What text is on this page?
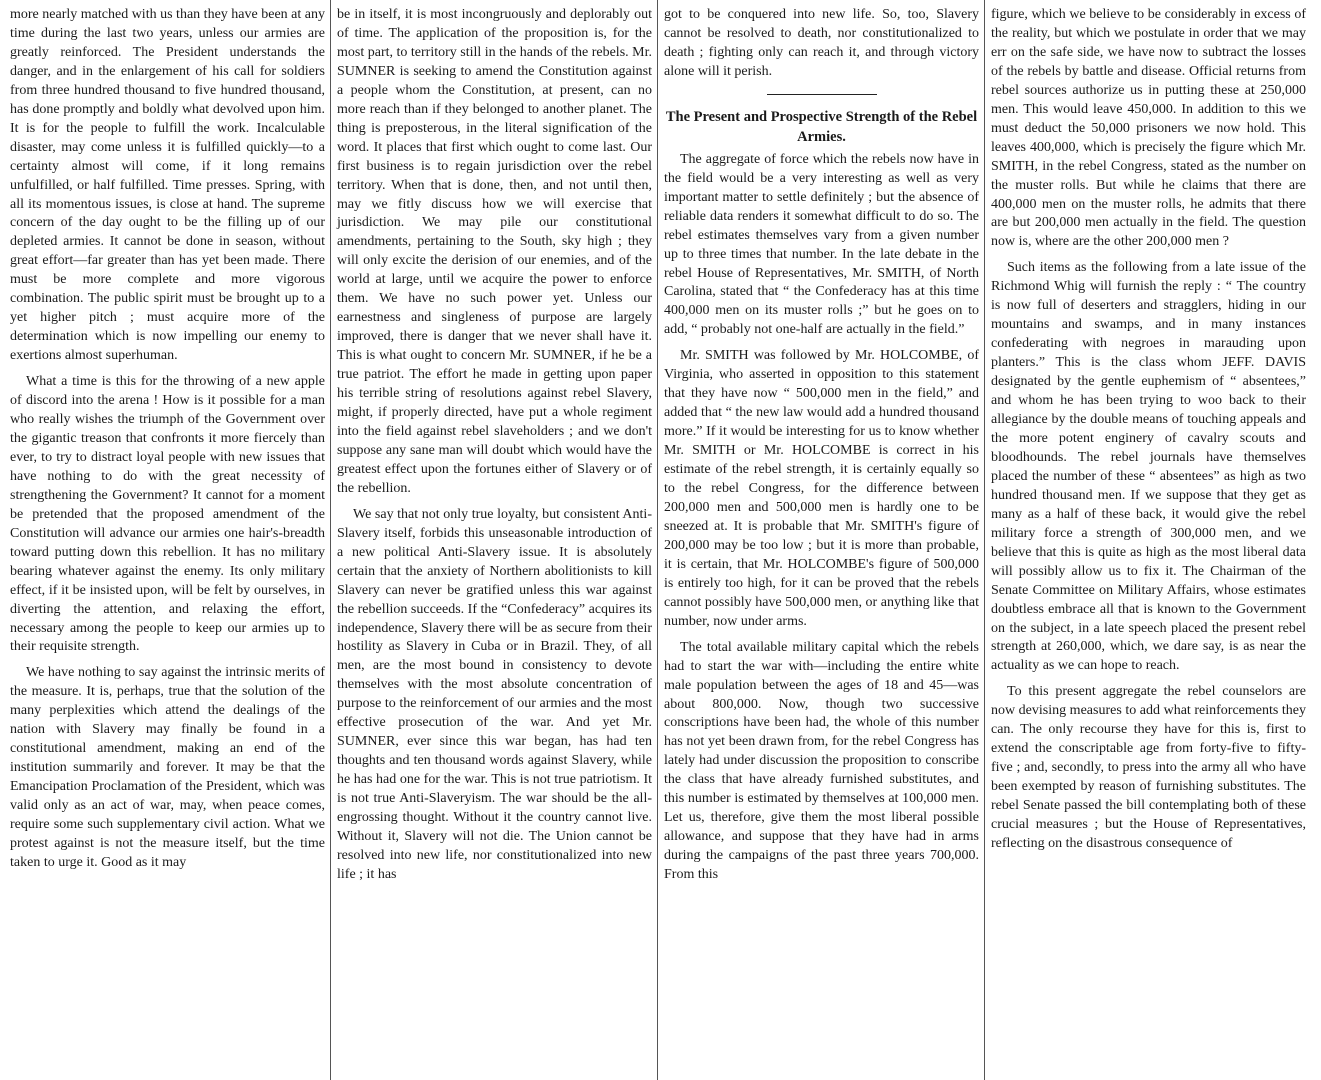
more nearly matched with us than they have been at any time during the last two years, unless our armies are greatly reinforced. The President understands the danger, and in the enlargement of his call for soldiers from three hundred thousand to five hundred thousand, has done promptly and boldly what devolved upon him. It is for the people to fulfill the work. Incalculable disaster, may come unless it is fulfilled quickly—to a certainty almost will come, if it long remains unfulfilled, or half fulfilled. Time presses. Spring, with all its momentous issues, is close at hand. The supreme concern of the day ought to be the filling up of our depleted armies. It cannot be done in season, without great effort—far greater than has yet been made. There must be more complete and more vigorous combination. The public spirit must be brought up to a yet higher pitch ; must acquire more of the determination which is now impelling our enemy to exertions almost superhuman.

What a time is this for the throwing of a new apple of discord into the arena ! How is it possible for a man who really wishes the triumph of the Government over the gigantic treason that confronts it more fiercely than ever, to try to distract loyal people with new issues that have nothing to do with the great necessity of strengthening the Government? It cannot for a moment be pretended that the proposed amendment of the Constitution will advance our armies one hair's-breadth toward putting down this rebellion. It has no military bearing whatever against the enemy. Its only military effect, if it be insisted upon, will be felt by ourselves, in diverting the attention, and relaxing the effort, necessary among the people to keep our armies up to their requisite strength.

We have nothing to say against the intrinsic merits of the measure. It is, perhaps, true that the solution of the many perplexities which attend the dealings of the nation with Slavery may finally be found in a constitutional amendment, making an end of the institution summarily and forever. It may be that the Emancipation Proclamation of the President, which was valid only as an act of war, may, when peace comes, require some such supplementary civil action. What we protest against is not the measure itself, but the time taken to urge it. Good as it may

be in itself, it is most incongruously and deplorably out of time. The application of the proposition is, for the most part, to territory still in the hands of the rebels. Mr. SUMNER is seeking to amend the Constitution against a people whom the Constitution, at present, can no more reach than if they belonged to another planet. The thing is preposterous, in the literal signification of the word. It places that first which ought to come last. Our first business is to regain jurisdiction over the rebel territory. When that is done, then, and not until then, may we fitly discuss how we will exercise that jurisdiction. We may pile our constitutional amendments, pertaining to the South, sky high ; they will only excite the derision of our enemies, and of the world at large, until we acquire the power to enforce them. We have no such power yet. Unless our earnestness and singleness of purpose are largely improved, there is danger that we never shall have it. This is what ought to concern Mr. SUMNER, if he be a true patriot. The effort he made in getting upon paper his terrible string of resolutions against rebel Slavery, might, if properly directed, have put a whole regiment into the field against rebel slaveholders ; and we don't suppose any sane man will doubt which would have the greatest effect upon the fortunes either of Slavery or of the rebellion.

We say that not only true loyalty, but consistent Anti-Slavery itself, forbids this unseasonable introduction of a new political Anti-Slavery issue. It is absolutely certain that the anxiety of Northern abolitionists to kill Slavery can never be gratified unless this war against the rebellion succeeds. If the “Confederacy” acquires its independence, Slavery there will be as secure from their hostility as Slavery in Cuba or in Brazil. They, of all men, are the most bound in consistency to devote themselves with the most absolute concentration of purpose to the reinforcement of our armies and the most effective prosecution of the war. And yet Mr. SUMNER, ever since this war began, has had ten thoughts and ten thousand words against Slavery, while he has had one for the war. This is not true patriotism. It is not true Anti-Slaveryism. The war should be the all-engrossing thought. Without it the country cannot live. Without it, Slavery will not die. The Union cannot be resolved into new life, nor constitutionalized into new life ; it has

got to be conquered into new life. So, too, Slavery cannot be resolved to death, nor constitutionalized to death ; fighting only can reach it, and through victory alone will it perish.

The Present and Prospective Strength of the Rebel Armies.

The aggregate of force which the rebels now have in the field would be a very interesting as well as very important matter to settle definitely ; but the absence of reliable data renders it somewhat difficult to do so. The rebel estimates themselves vary from a given number up to three times that number. In the late debate in the rebel House of Representatives, Mr. SMITH, of North Carolina, stated that “ the Confederacy has at this time 400,000 men on its muster rolls ;” but he goes on to add, “ probably not one-half are actually in the field.”

Mr. SMITH was followed by Mr. HOLCOMBE, of Virginia, who asserted in opposition to this statement that they have now “ 500,000 men in the field,” and added that “ the new law would add a hundred thousand more.” If it would be interesting for us to know whether Mr. SMITH or Mr. HOLCOMBE is correct in his estimate of the rebel strength, it is certainly equally so to the rebel Congress, for the difference between 200,000 men and 500,000 men is hardly one to be sneezed at. It is probable that Mr. SMITH's figure of 200,000 may be too low ; but it is more than probable, it is certain, that Mr. HOLCOMBE's figure of 500,000 is entirely too high, for it can be proved that the rebels cannot possibly have 500,000 men, or anything like that number, now under arms.

The total available military capital which the rebels had to start the war with—including the entire white male population between the ages of 18 and 45—was about 800,000. Now, though two successive conscriptions have been had, the whole of this number has not yet been drawn from, for the rebel Congress has lately had under discussion the proposition to conscribe the class that have already furnished substitutes, and this number is estimated by themselves at 100,000 men. Let us, therefore, give them the most liberal possible allowance, and suppose that they have had in arms during the campaigns of the past three years 700,000. From this

figure, which we believe to be considerably in excess of the reality, but which we postulate in order that we may err on the safe side, we have now to subtract the losses of the rebels by battle and disease. Official returns from rebel sources authorize us in putting these at 250,000 men. This would leave 450,000. In addition to this we must deduct the 50,000 prisoners we now hold. This leaves 400,000, which is precisely the figure which Mr. SMITH, in the rebel Congress, stated as the number on the muster rolls. But while he claims that there are 400,000 men on the muster rolls, he admits that there are but 200,000 men actually in the field. The question now is, where are the other 200,000 men ?

Such items as the following from a late issue of the Richmond Whig will furnish the reply : “ The country is now full of deserters and stragglers, hiding in our mountains and swamps, and in many instances confederating with negroes in marauding upon planters.” This is the class whom JEFF. DAVIS designated by the gentle euphemism of “ absentees,” and whom he has been trying to woo back to their allegiance by the double means of touching appeals and the more potent enginery of cavalry scouts and bloodhounds. The rebel journals have themselves placed the number of these “ absentees” as high as two hundred thousand men. If we suppose that they get as many as a half of these back, it would give the rebel military force a strength of 300,000 men, and we believe that this is quite as high as the most liberal data will possibly allow us to fix it. The Chairman of the Senate Committee on Military Affairs, whose estimates doubtless embrace all that is known to the Government on the subject, in a late speech placed the present rebel strength at 260,000, which, we dare say, is as near the actuality as we can hope to reach.

To this present aggregate the rebel counselors are now devising measures to add what reinforcements they can. The only recourse they have for this is, first to extend the conscriptable age from forty-five to fifty-five ; and, secondly, to press into the army all who have been exempted by reason of furnishing substitutes. The rebel Senate passed the bill contemplating both of these crucial measures ; but the House of Representatives, reflecting on the disastrous consequence of
